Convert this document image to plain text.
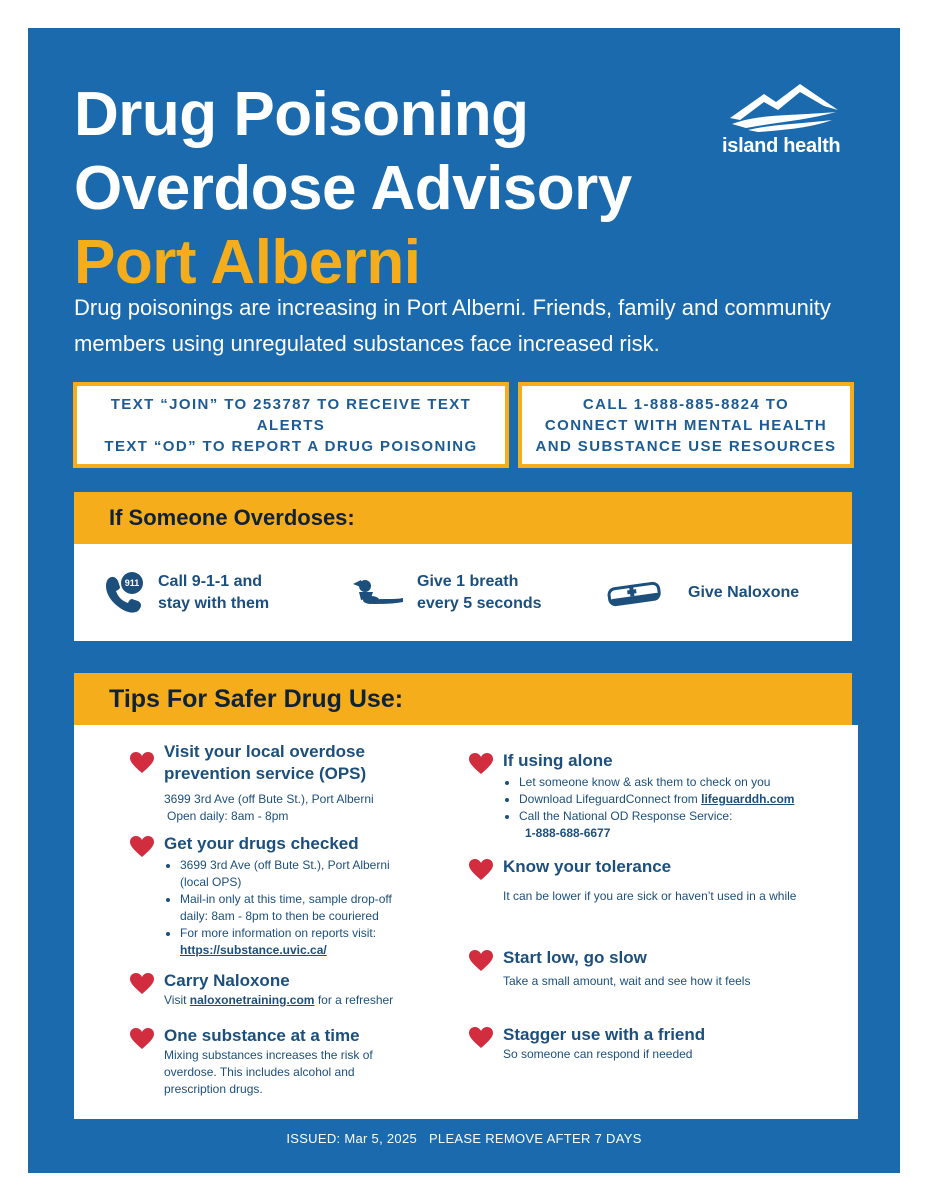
Drug Poisoning
Overdose Advisory
Port Alberni
island health

Drug poisonings are increasing in Port Alberni. Friends, family and community members using unregulated substances face increased risk.

TEXT “JOIN” TO 253787 TO RECEIVE TEXT ALERTS
TEXT “OD” TO REPORT A DRUG POISONING
CALL 1-888-885-8824 TO
CONNECT WITH MENTAL HEALTH
AND SUBSTANCE USE RESOURCES
If Someone Overdoses:
911 Call 9-1-1 and
stay with them
Give 1 breath
every 5 seconds
Give Naloxone
Tips For Safer Drug Use:
Visit your local overdose
prevention service (OPS)

3699 3rd Ave (off Bute St.), Port Alberni

Open daily: 8am - 8pm

Get your drugs checked
• 3699 3rd Ave (off Bute St.), Port Alberni (local OPS)
• Mail-in only at this time, sample drop-off daily: 8am - 8pm to then be couriered
• For more information on reports visit:
https://substance.uvic.ca/
Carry Naloxone

Visit naloxonetraining.com for a refresher

One substance at a time

Mixing substances increases the risk of overdose. This includes alcohol and prescription drugs.

If using alone
• Let someone know & ask them to check on you
• Download LifeguardConnect from lifeguarddh.com
• Call the National OD Response Service:
1-888-688-6677
Know your tolerance

It can be lower if you are sick or haven’t used in a while

Start low, go slow

Take a small amount, wait and see how it feels

Stagger use with a friend

So someone can respond if needed

ISSUED: Mar 5, 2025 PLEASE REMOVE AFTER 7 DAYS
